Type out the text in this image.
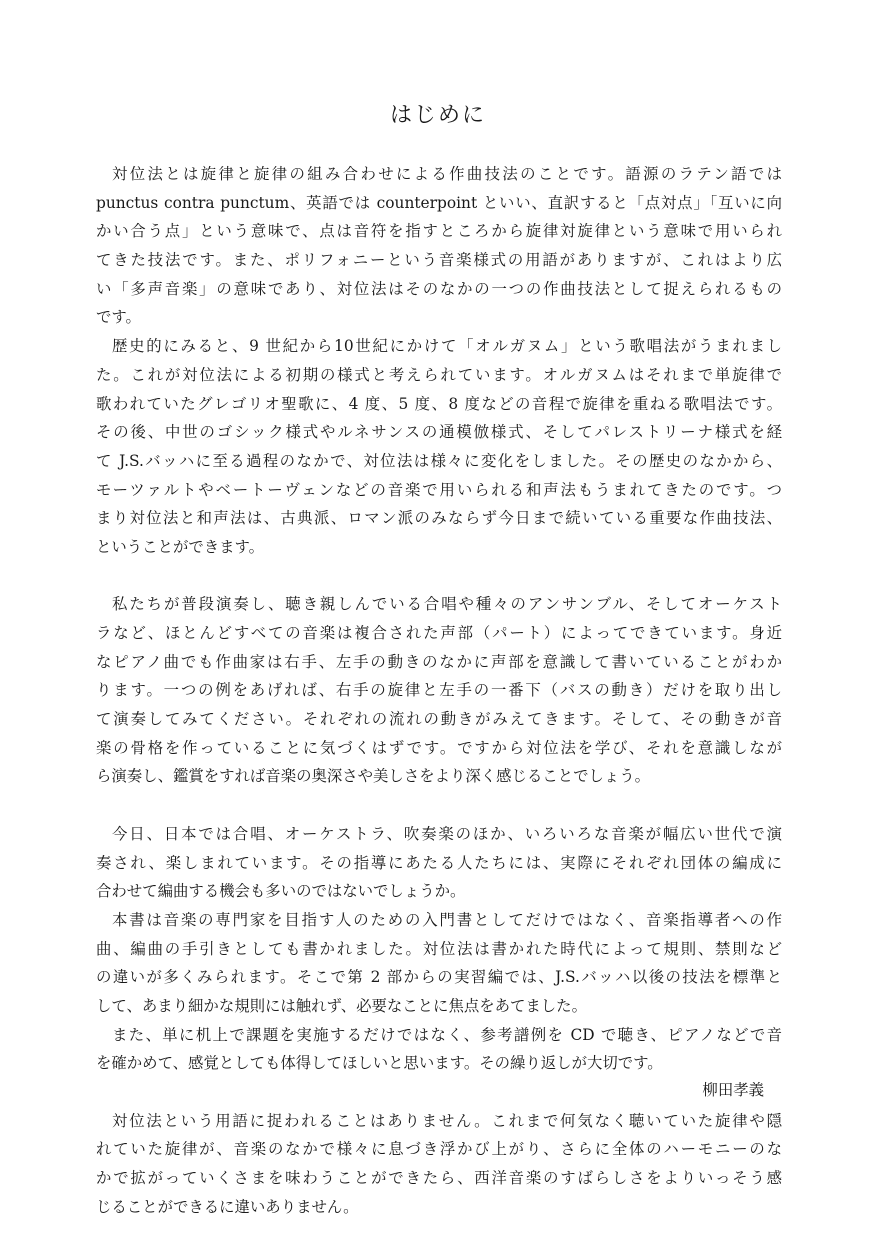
はじめに
対位法とは旋律と旋律の組み合わせによる作曲技法のことです。語源のラテン語では
punctus contra punctum、英語では counterpoint といい、直訳すると「点対点」「互いに向
かい合う点」という意味で、点は音符を指すところから旋律対旋律という意味で用いられ
てきた技法です。また、ポリフォニーという音楽様式の用語がありますが、これはより広
い「多声音楽」の意味であり、対位法はそのなかの一つの作曲技法として捉えられるもの
です。
歴史的にみると、9 世紀から10世紀にかけて「オルガヌム」という歌唱法がうまれまし
た。これが対位法による初期の様式と考えられています。オルガヌムはそれまで単旋律で
歌われていたグレゴリオ聖歌に、4 度、5 度、8 度などの音程で旋律を重ねる歌唱法です。
その後、中世のゴシック様式やルネサンスの通模倣様式、そしてパレストリーナ様式を経
て J.S.バッハに至る過程のなかで、対位法は様々に変化をしました。その歴史のなかから、
モーツァルトやベートーヴェンなどの音楽で用いられる和声法もうまれてきたのです。つ
まり対位法と和声法は、古典派、ロマン派のみならず今日まで続いている重要な作曲技法、
ということができます。
私たちが普段演奏し、聴き親しんでいる合唱や種々のアンサンブル、そしてオーケスト
ラなど、ほとんどすべての音楽は複合された声部（パート）によってできています。身近
なピアノ曲でも作曲家は右手、左手の動きのなかに声部を意識して書いていることがわか
ります。一つの例をあげれば、右手の旋律と左手の一番下（バスの動き）だけを取り出し
て演奏してみてください。それぞれの流れの動きがみえてきます。そして、その動きが音
楽の骨格を作っていることに気づくはずです。ですから対位法を学び、それを意識しなが
ら演奏し、鑑賞をすれば音楽の奥深さや美しさをより深く感じることでしょう。
今日、日本では合唱、オーケストラ、吹奏楽のほか、いろいろな音楽が幅広い世代で演
奏され、楽しまれています。その指導にあたる人たちには、実際にそれぞれ団体の編成に
合わせて編曲する機会も多いのではないでしょうか。
本書は音楽の専門家を目指す人のための入門書としてだけではなく、音楽指導者への作
曲、編曲の手引きとしても書かれました。対位法は書かれた時代によって規則、禁則など
の違いが多くみられます。そこで第 2 部からの実習編では、J.S.バッハ以後の技法を標準と
して、あまり細かな規則には触れず、必要なことに焦点をあてました。
また、単に机上で課題を実施するだけではなく、参考譜例を CD で聴き、ピアノなどで音
を確かめて、感覚としても体得してほしいと思います。その繰り返しが大切です。
対位法という用語に捉われることはありません。これまで何気なく聴いていた旋律や隠
れていた旋律が、音楽のなかで様々に息づき浮かび上がり、さらに全体のハーモニーのな
かで拡がっていくさまを味わうことができたら、西洋音楽のすばらしさをよりいっそう感
じることができるに違いありません。
柳田孝義
